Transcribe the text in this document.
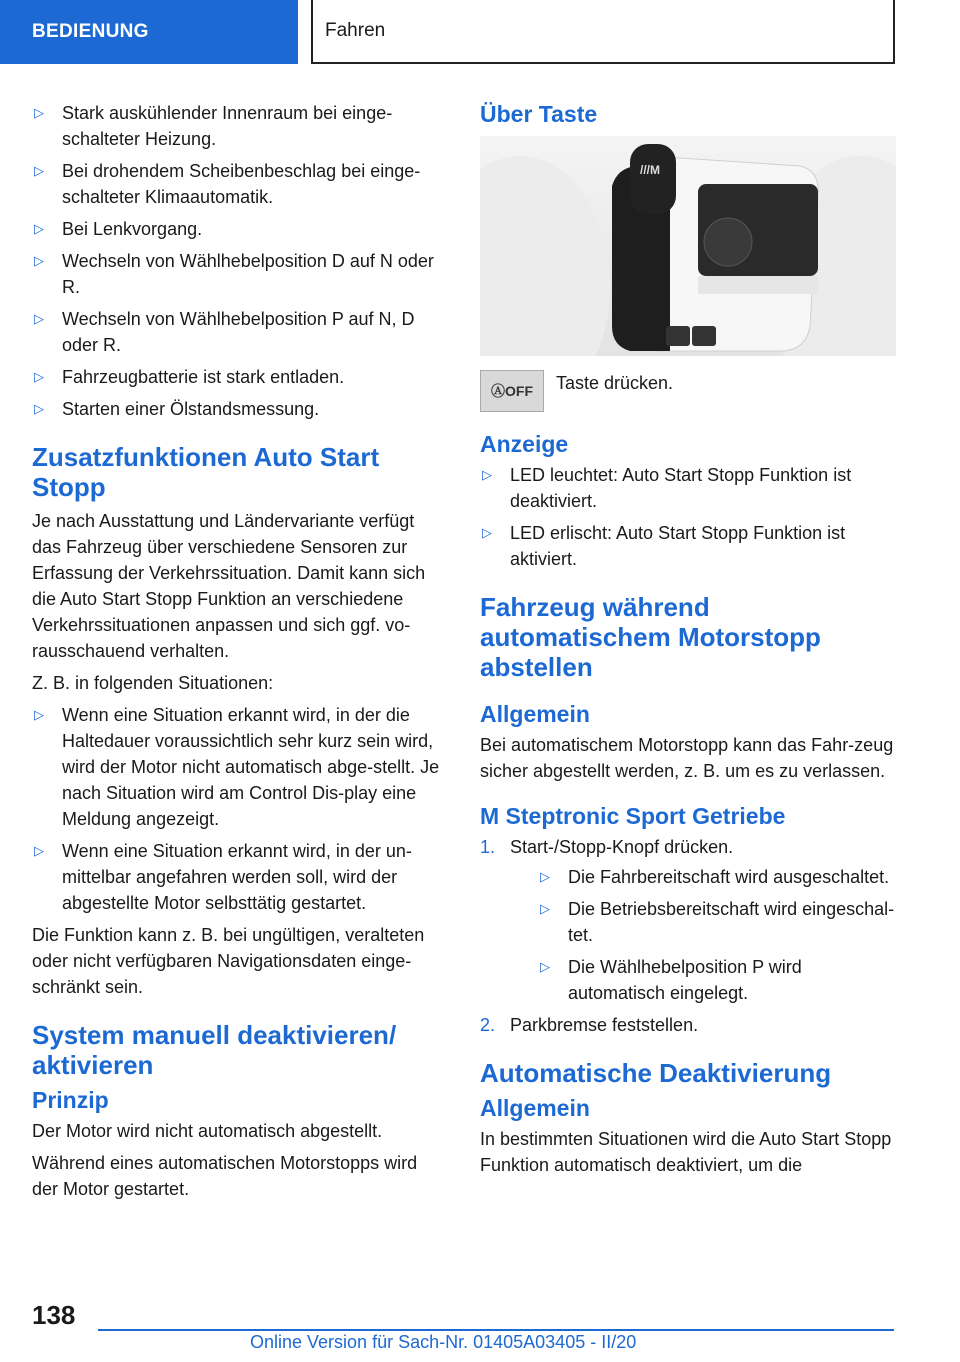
BEDIENUNG	Fahren
▷ Stark auskühlender Innenraum bei einge-schalteter Heizung.
▷ Bei drohendem Scheibenbeschlag bei einge-schalteter Klimaautomatik.
▷ Bei Lenkvorgang.
▷ Wechseln von Wählhebelposition D auf N oder R.
▷ Wechseln von Wählhebelposition P auf N, D oder R.
▷ Fahrzeugbatterie ist stark entladen.
▷ Starten einer Ölstandsmessung.
Zusatzfunktionen Auto Start Stopp

Je nach Ausstattung und Ländervariante verfügt das Fahrzeug über verschiedene Sensoren zur Erfassung der Verkehrssituation. Damit kann sich die Auto Start Stopp Funktion an verschiedene Verkehrssituationen anpassen und sich ggf. vo-rausschauend verhalten.

Z. B. in folgenden Situationen:

▷ Wenn eine Situation erkannt wird, in der die Haltedauer voraussichtlich sehr kurz sein wird, wird der Motor nicht automatisch abge-stellt. Je nach Situation wird am Control Dis-play eine Meldung angezeigt.
▷ Wenn eine Situation erkannt wird, in der un-mittelbar angefahren werden soll, wird der abgestellte Motor selbsttätig gestartet.

Die Funktion kann z. B. bei ungültigen, veralteten oder nicht verfügbaren Navigationsdaten einge-schränkt sein.

System manuell deaktivieren/ aktivieren
Prinzip

Der Motor wird nicht automatisch abgestellt.

Während eines automatischen Motorstopps wird der Motor gestartet.

Über Taste
///M
ⒶOFF	Taste drücken.
Anzeige
▷ LED leuchtet: Auto Start Stopp Funktion ist deaktiviert.
▷ LED erlischt: Auto Start Stopp Funktion ist aktiviert.
Fahrzeug während automatischem Motorstopp abstellen
Allgemein

Bei automatischem Motorstopp kann das Fahr-zeug sicher abgestellt werden, z. B. um es zu verlassen.

M Steptronic Sport Getriebe
1. Start-/Stopp-Knopf drücken.
▷ Die Fahrbereitschaft wird ausgeschaltet.
▷ Die Betriebsbereitschaft wird eingeschal-tet.
▷ Die Wählhebelposition P wird automatisch eingelegt.
2. Parkbremse feststellen.
Automatische Deaktivierung
Allgemein

In bestimmten Situationen wird die Auto Start Stopp Funktion automatisch deaktiviert, um die

138
Online Version für Sach-Nr. 01405A03405 - II/20
